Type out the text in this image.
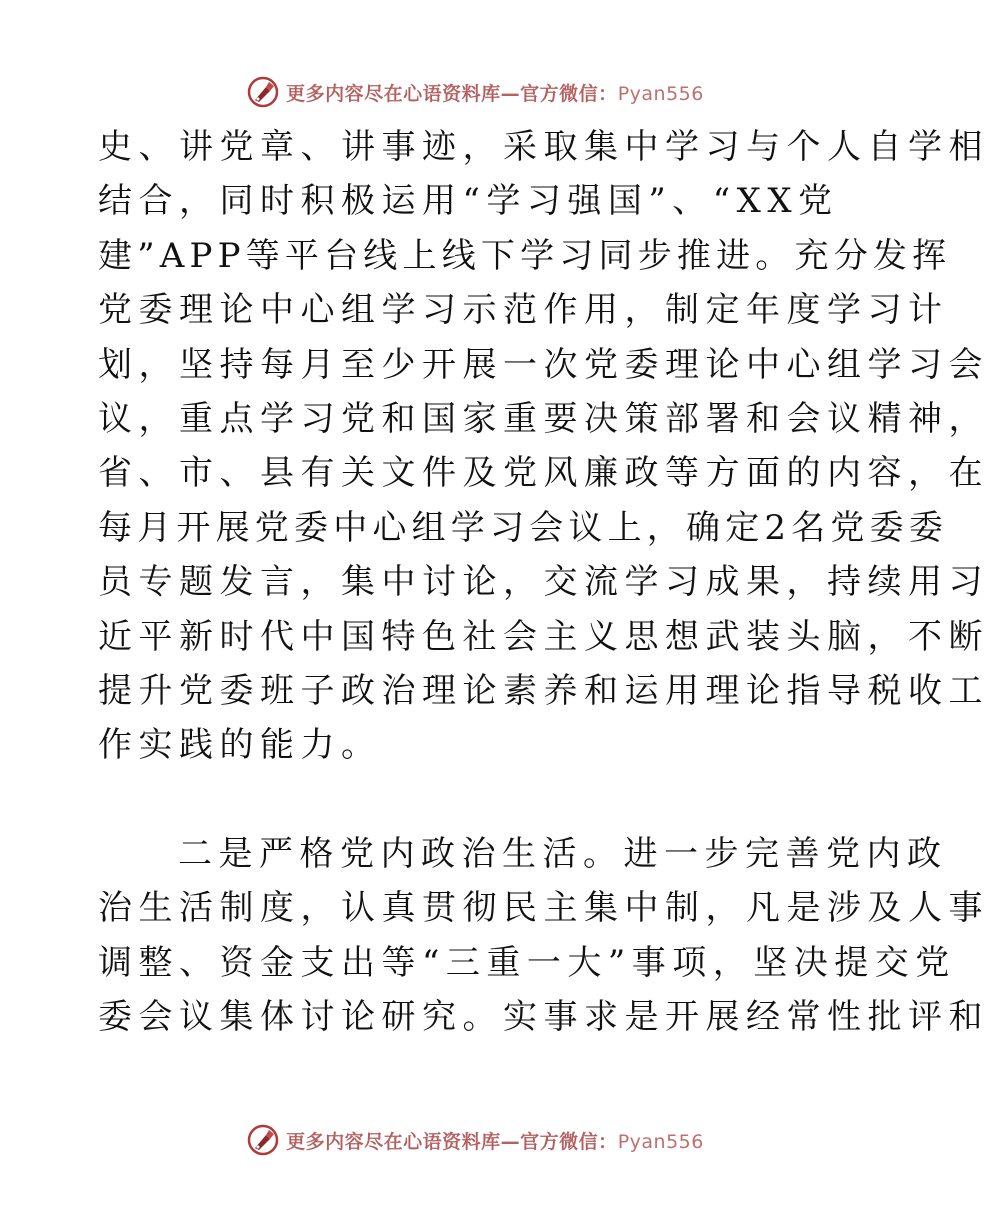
更多内容尽在心语资料库—官方微信：Pyan556
史、讲党章、讲事迹，采取集中学习与个人自学相
结合，同时积极运用“学习强国”、“XX党
建”APP等平台线上线下学习同步推进。充分发挥
党委理论中心组学习示范作用，制定年度学习计
划，坚持每月至少开展一次党委理论中心组学习会
议，重点学习党和国家重要决策部署和会议精神，
省、市、县有关文件及党风廉政等方面的内容，在
每月开展党委中心组学习会议上，确定2名党委委
员专题发言，集中讨论，交流学习成果，持续用习
近平新时代中国特色社会主义思想武装头脑，不断
提升党委班子政治理论素养和运用理论指导税收工
作实践的能力。
二是严格党内政治生活。进一步完善党内政
治生活制度，认真贯彻民主集中制，凡是涉及人事
调整、资金支出等“三重一大”事项，坚决提交党
委会议集体讨论研究。实事求是开展经常性批评和
更多内容尽在心语资料库—官方微信：Pyan556
